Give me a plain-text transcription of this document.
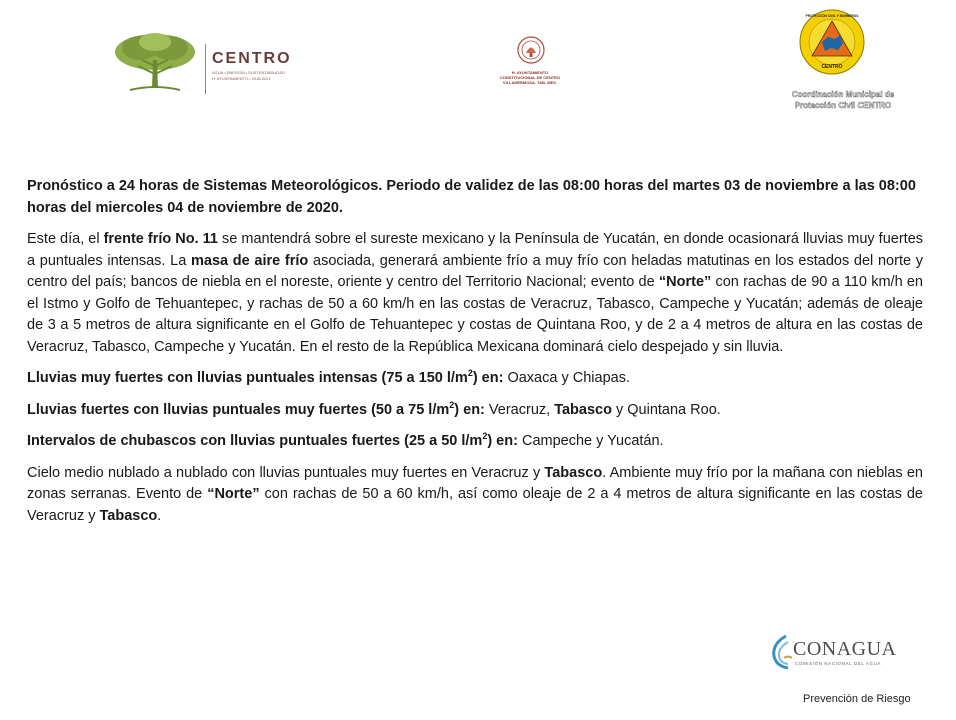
CENTRO
AGUA • ENERGÍA • SUSTENTABILIDAD
H. AYUNTAMIENTO • 2018-2021
H. AYUNTAMIENTO
CONSTITUCIONAL DE CENTRO
VILLAHERMOSA, TAB. MEX.
CENTRO
PROTECCIÓN CIVIL Y BOMBEROS
Coordinación Municipal de
Protección Civil CENTRO

Pronóstico a 24 horas de Sistemas Meteorológicos. Periodo de validez de las 08:00 horas del martes 03 de noviembre a las 08:00 horas del miercoles 04 de noviembre de 2020.

Este día, el frente frío No. 11 se mantendrá sobre el sureste mexicano y la Península de Yucatán, en donde ocasionará lluvias muy fuertes a puntuales intensas. La masa de aire frío asociada, generará ambiente frío a muy frío con heladas matutinas en los estados del norte y centro del país; bancos de niebla en el noreste, oriente y centro del Territorio Nacional; evento de “Norte” con rachas de 90 a 110 km/h en el Istmo y Golfo de Tehuantepec, y rachas de 50 a 60 km/h en las costas de Veracruz, Tabasco, Campeche y Yucatán; además de oleaje de 3 a 5 metros de altura significante en el Golfo de Tehuantepec y costas de Quintana Roo, y de 2 a 4 metros de altura en las costas de Veracruz, Tabasco, Campeche y Yucatán. En el resto de la República Mexicana dominará cielo despejado y sin lluvia.

Lluvias muy fuertes con lluvias puntuales intensas (75 a 150 $l/m^2$) en: Oaxaca y Chiapas.

Lluvias fuertes con lluvias puntuales muy fuertes (50 a 75 $l/m^2$) en: Veracruz, Tabasco y Quintana Roo.

Intervalos de chubascos con lluvias puntuales fuertes (25 a 50 $l/m^2$) en: Campeche y Yucatán.

Cielo medio nublado a nublado con lluvias puntuales muy fuertes en Veracruz y Tabasco. Ambiente muy frío por la mañana con nieblas en zonas serranas. Evento de “Norte” con rachas de 50 a 60 km/h, así como oleaje de 2 a 4 metros de altura significante en las costas de Veracruz y Tabasco.

CONAGUA
COMISIÓN NACIONAL DEL AGUA
Prevención de Riesgo
